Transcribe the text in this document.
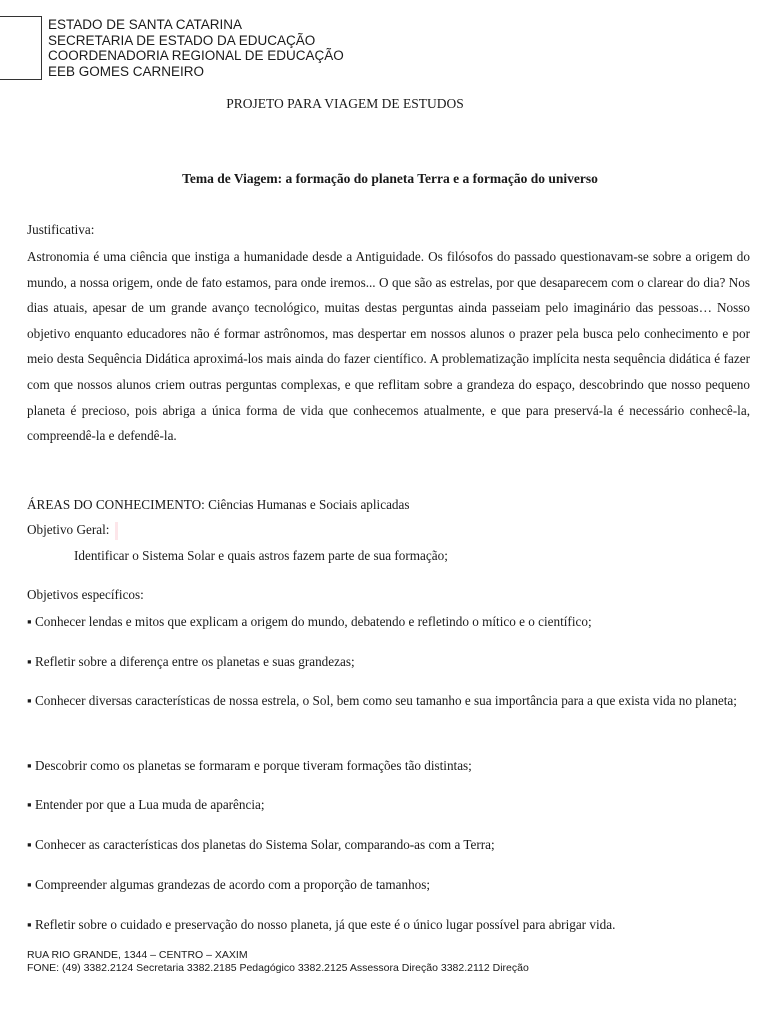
ESTADO DE SANTA CATARINA
SECRETARIA DE ESTADO DA EDUCAÇÃO
COORDENADORIA REGIONAL DE EDUCAÇÃO
EEB GOMES CARNEIRO
PROJETO PARA VIAGEM DE ESTUDOS
Tema de Viagem: a formação do planeta Terra e a formação do universo
Justificativa:
Astronomia é uma ciência que instiga a humanidade desde a Antiguidade. Os filósofos do passado questionavam-se sobre a origem do mundo, a nossa origem, onde de fato estamos, para onde iremos... O que são as estrelas, por que desaparecem com o clarear do dia? Nos dias atuais, apesar de um grande avanço tecnológico, muitas destas perguntas ainda passeiam pelo imaginário das pessoas… Nosso objetivo enquanto educadores não é formar astrônomos, mas despertar em nossos alunos o prazer pela busca pelo conhecimento e por meio desta Sequência Didática aproximá-los mais ainda do fazer científico. A problematização implícita nesta sequência didática é fazer com que nossos alunos criem outras perguntas complexas, e que reflitam sobre a grandeza do espaço, descobrindo que nosso pequeno planeta é precioso, pois abriga a única forma de vida que conhecemos atualmente, e que para preservá-la é necessário conhecê-la, compreendê-la e defendê-la.
ÁREAS DO CONHECIMENTO: Ciências Humanas e Sociais aplicadas
Objetivo Geral:
Identificar o Sistema Solar e quais astros fazem parte de sua formação;
Objetivos específicos:
▪ Conhecer lendas e mitos que explicam a origem do mundo, debatendo e refletindo o mítico e o científico;
▪ Refletir sobre a diferença entre os planetas e suas grandezas;
▪ Conhecer diversas características de nossa estrela, o Sol, bem como seu tamanho e sua importância para a que exista vida no planeta;
▪ Descobrir como os planetas se formaram e porque tiveram formações tão distintas;
▪ Entender por que a Lua muda de aparência;
▪ Conhecer as características dos planetas do Sistema Solar, comparando-as com a Terra;
▪ Compreender algumas grandezas de acordo com a proporção de tamanhos;
▪ Refletir sobre o cuidado e preservação do nosso planeta, já que este é o único lugar possível para abrigar vida.
RUA RIO GRANDE, 1344 – CENTRO – XAXIM
FONE: (49) 3382.2124 Secretaria 3382.2185 Pedagógico 3382.2125 Assessora Direção 3382.2112 Direção
